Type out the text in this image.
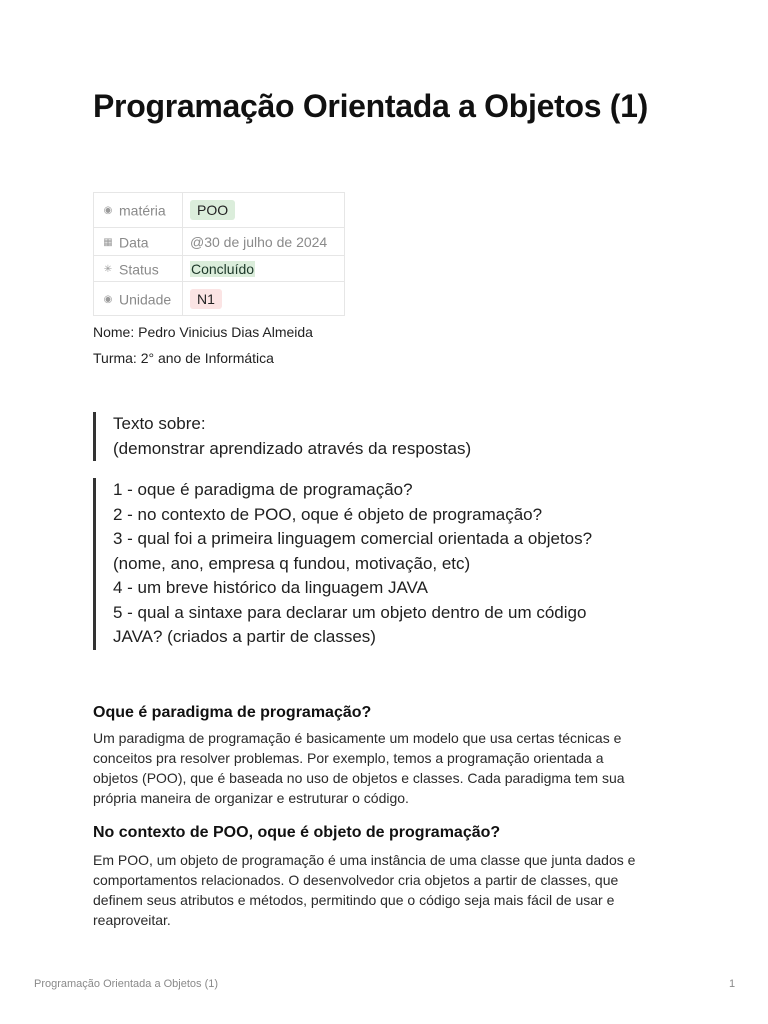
Programação Orientada a Objetos (1)
◉ matéria	POO
▦ Data	@30 de julho de 2024
✳ Status	Concluído
◉ Unidade	N1
Nome: Pedro Vinicius Dias Almeida
Turma: 2° ano de Informática
Texto sobre:
(demonstrar aprendizado através da respostas)
1 - oque é paradigma de programação?
2 - no contexto de POO, oque é objeto de programação?
3 - qual foi a primeira linguagem comercial orientada a objetos?
(nome, ano, empresa q fundou, motivação, etc)
4 - um breve histórico da linguagem JAVA
5 - qual a sintaxe para declarar um objeto dentro de um código
JAVA? (criados a partir de classes)
Oque é paradigma de programação?
Um paradigma de programação é basicamente um modelo que usa certas técnicas e
conceitos pra resolver problemas. Por exemplo, temos a programação orientada a
objetos (POO), que é baseada no uso de objetos e classes. Cada paradigma tem sua
própria maneira de organizar e estruturar o código.
No contexto de POO, oque é objeto de programação?
Em POO, um objeto de programação é uma instância de uma classe que junta dados e
comportamentos relacionados. O desenvolvedor cria objetos a partir de classes, que
definem seus atributos e métodos, permitindo que o código seja mais fácil de usar e
reaproveitar.
Programação Orientada a Objetos (1)	1
